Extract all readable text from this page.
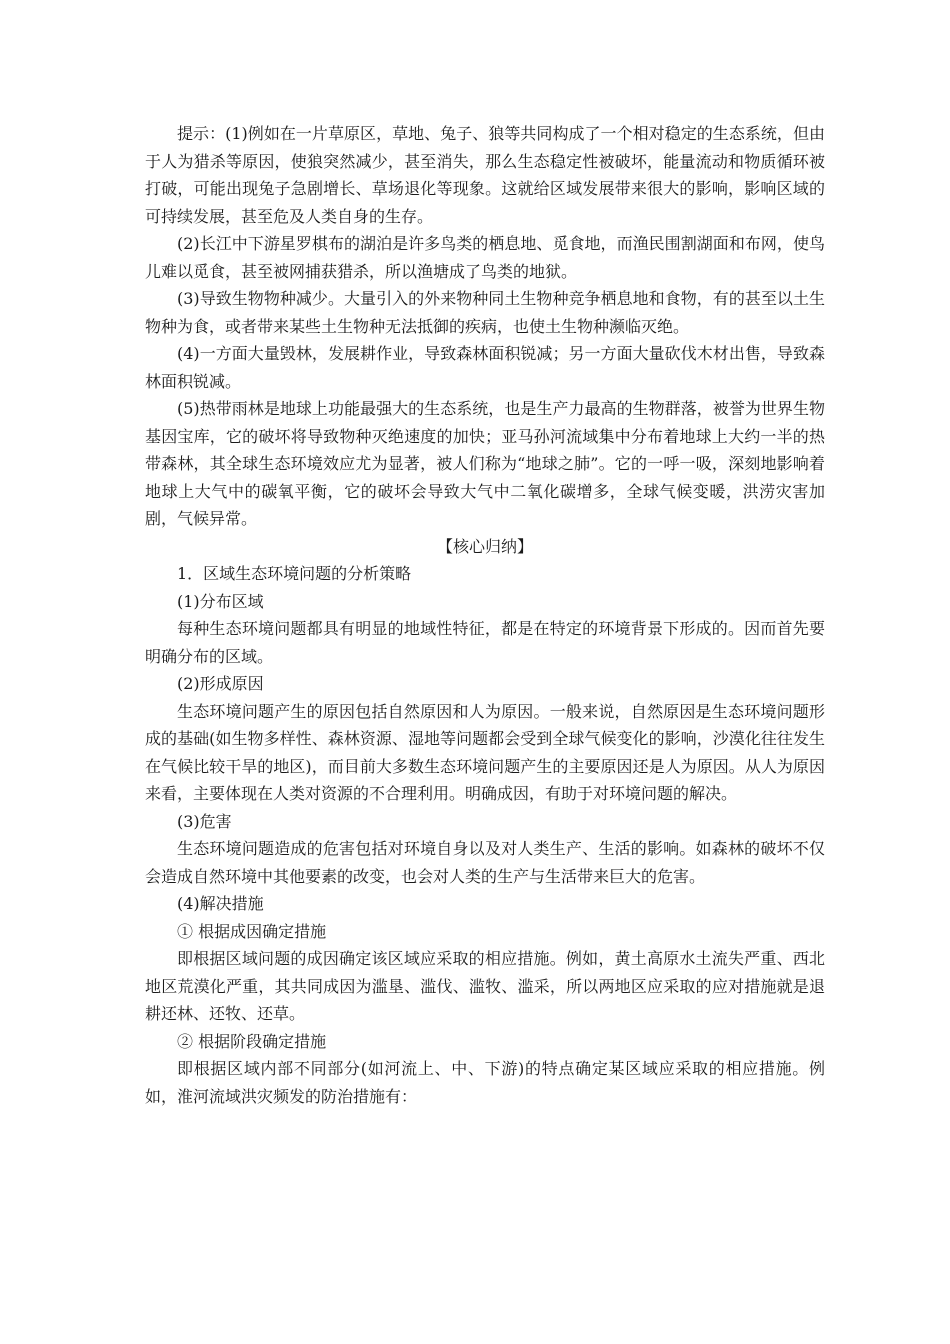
提示：(1)例如在一片草原区，草地、兔子、狼等共同构成了一个相对稳定的生态系统，但由于人为猎杀等原因，使狼突然减少，甚至消失，那么生态稳定性被破坏，能量流动和物质循环被打破，可能出现兔子急剧增长、草场退化等现象。这就给区域发展带来很大的影响，影响区域的可持续发展，甚至危及人类自身的生存。

(2)长江中下游星罗棋布的湖泊是许多鸟类的栖息地、觅食地，而渔民围割湖面和布网，使鸟儿难以觅食，甚至被网捕获猎杀，所以渔塘成了鸟类的地狱。

(3)导致生物物种减少。大量引入的外来物种同土生物种竞争栖息地和食物，有的甚至以土生物种为食，或者带来某些土生物种无法抵御的疾病，也使土生物种濒临灭绝。

(4)一方面大量毁林，发展耕作业，导致森林面积锐减；另一方面大量砍伐木材出售，导致森林面积锐减。

(5)热带雨林是地球上功能最强大的生态系统，也是生产力最高的生物群落，被誉为世界生物基因宝库，它的破坏将导致物种灭绝速度的加快；亚马孙河流域集中分布着地球上大约一半的热带森林，其全球生态环境效应尤为显著，被人们称为“地球之肺”。它的一呼一吸，深刻地影响着地球上大气中的碳氧平衡，它的破坏会导致大气中二氧化碳增多，全球气候变暖，洪涝灾害加剧，气候异常。

【核心归纳】

1．区域生态环境问题的分析策略

(1)分布区域

每种生态环境问题都具有明显的地域性特征，都是在特定的环境背景下形成的。因而首先要明确分布的区域。

(2)形成原因

生态环境问题产生的原因包括自然原因和人为原因。一般来说，自然原因是生态环境问题形成的基础(如生物多样性、森林资源、湿地等问题都会受到全球气候变化的影响，沙漠化往往发生在气候比较干旱的地区)，而目前大多数生态环境问题产生的主要原因还是人为原因。从人为原因来看，主要体现在人类对资源的不合理利用。明确成因，有助于对环境问题的解决。

(3)危害

生态环境问题造成的危害包括对环境自身以及对人类生产、生活的影响。如森林的破坏不仅会造成自然环境中其他要素的改变，也会对人类的生产与生活带来巨大的危害。

(4)解决措施

① 根据成因确定措施

即根据区域问题的成因确定该区域应采取的相应措施。例如，黄土高原水土流失严重、西北地区荒漠化严重，其共同成因为滥垦、滥伐、滥牧、滥采，所以两地区应采取的应对措施就是退耕还林、还牧、还草。

② 根据阶段确定措施

即根据区域内部不同部分(如河流上、中、下游)的特点确定某区域应采取的相应措施。例如，淮河流域洪灾频发的防治措施有：
